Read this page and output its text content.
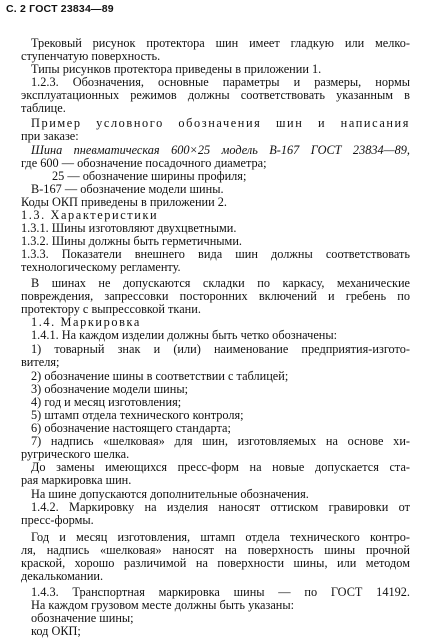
С. 2 ГОСТ 23834—89
Трековый рисунок протектора шин имеет гладкую или мелко-
ступенчатую поверхность.
Типы рисунков протектора приведены в приложении 1.
1.2.3. Обозначения, основные параметры и размеры, нормы
эксплуатационных режимов должны соответствовать указанным в
таблице.
Пример условного обозначения шин и написания
при заказе:
Шина пневматическая 600×25 модель В-167 ГОСТ 23834—89,
где 600 — обозначение посадочного диаметра;
25 — обозначение ширины профиля;
В-167 — обозначение модели шины.
Коды ОКП приведены в приложении 2.
1.3. Характеристики
1.3.1. Шины изготовляют двухцветными.
1.3.2. Шины должны быть герметичными.
1.3.3. Показатели внешнего вида шин должны соответствовать
технологическому регламенту.
В шинах не допускаются складки по каркасу, механические
повреждения, запрессовки посторонних включений и гребень по
протектору с выпрессовкой ткани.
1.4. Маркировка
1.4.1. На каждом изделии должны быть четко обозначены:
1) товарный знак и (или) наименование предприятия-изгото-
вителя;
2) обозначение шины в соответствии с таблицей;
3) обозначение модели шины;
4) год и месяц изготовления;
5) штамп отдела технического контроля;
6) обозначение настоящего стандарта;
7) надпись «шелковая» для шин, изготовляемых на основе хи-
ругрического шелка.
До замены имеющихся пресс-форм на новые допускается ста-
рая маркировка шин.
На шине допускаются дополнительные обозначения.
1.4.2. Маркировку на изделия наносят оттиском гравировки от
пресс-формы.
Год и месяц изготовления, штамп отдела технического контро-
ля, надпись «шелковая» наносят на поверхность шины прочной
краской, хорошо различимой на поверхности шины, или методом
декалькомании.
1.4.3. Транспортная маркировка шины — по ГОСТ 14192.
На каждом грузовом месте должны быть указаны:
обозначение шины;
код ОКП;
